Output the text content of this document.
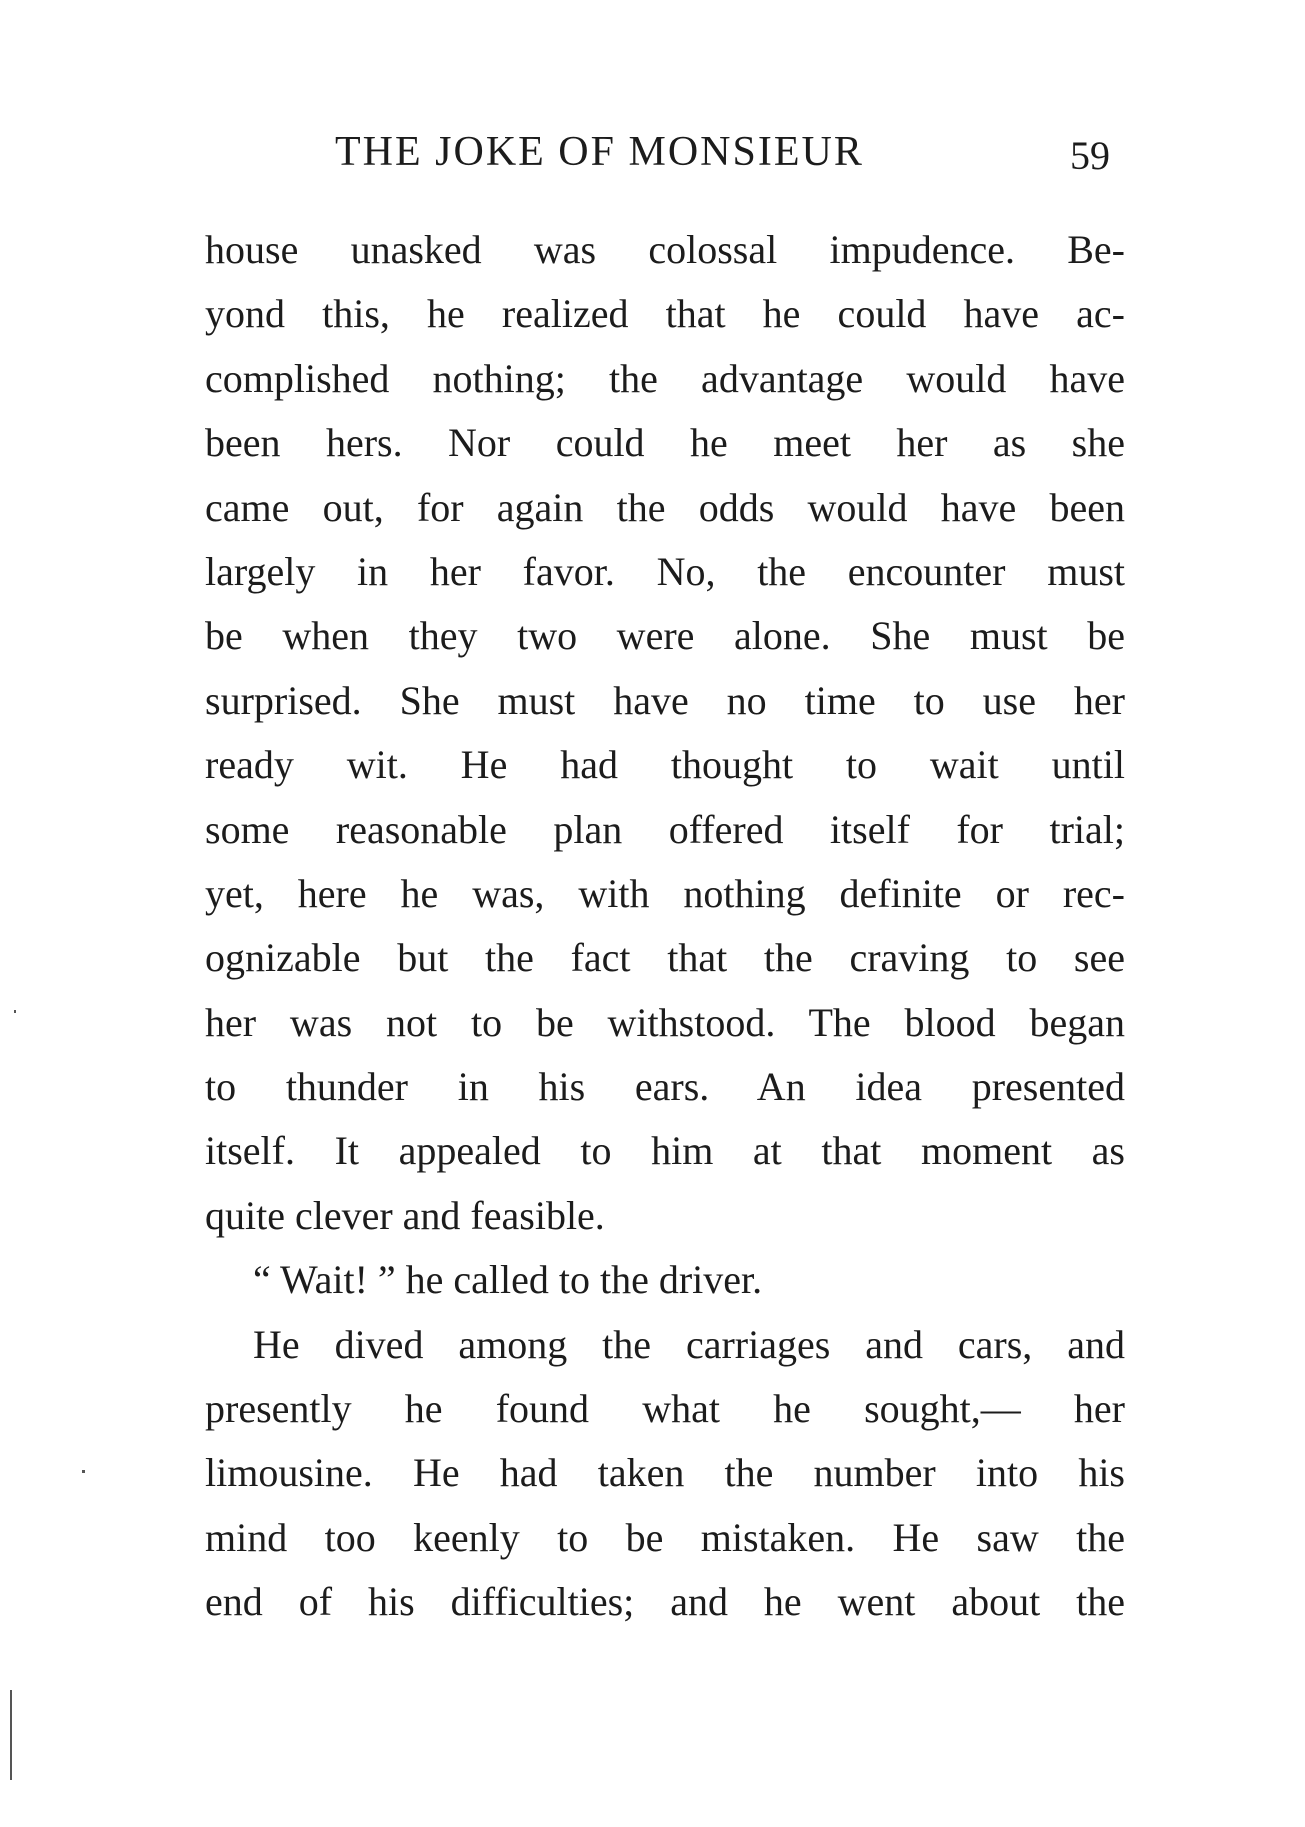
THE JOKE OF MONSIEUR	59
house unasked was colossal impudence. Be-
yond this, he realized that he could have ac-
complished nothing; the advantage would have
been hers. Nor could he meet her as she
came out, for again the odds would have been
largely in her favor. No, the encounter must
be when they two were alone. She must be
surprised. She must have no time to use her
ready wit. He had thought to wait until
some reasonable plan offered itself for trial;
yet, here he was, with nothing definite or rec-
ognizable but the fact that the craving to see
her was not to be withstood. The blood began
to thunder in his ears. An idea presented
itself. It appealed to him at that moment as
quite clever and feasible.
“ Wait! ” he called to the driver.
He dived among the carriages and cars, and
presently he found what he sought,— her
limousine. He had taken the number into his
mind too keenly to be mistaken. He saw the
end of his difficulties; and he went about the
